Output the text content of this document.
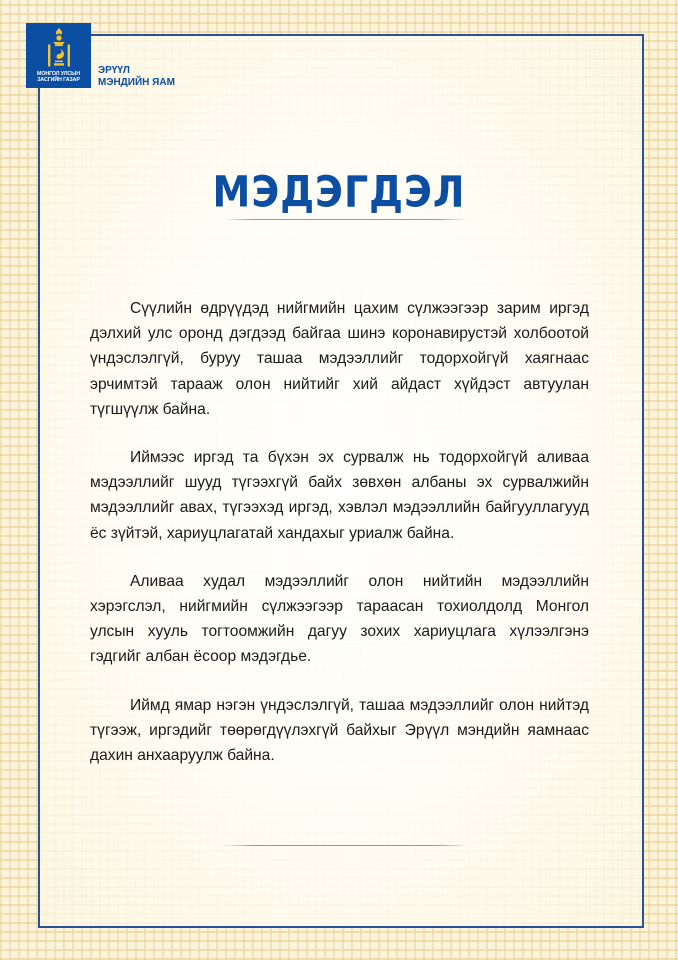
МОНГОЛ УЛСЫН
ЗАСГИЙН ГАЗАР
ЭРҮҮЛ
МЭНДИЙН ЯАМ
МЭДЭГДЭЛ

Сүүлийн өдрүүдэд нийгмийн цахим сүлжээгээр зарим иргэд дэлхий улс оронд дэгдээд байгаа шинэ коронавирустэй холбоотой үндэслэлгүй, буруу ташаа мэдээллийг тодорхойгүй хаягнаас эрчимтэй тарааж олон нийтийг хий айдаст хүйдэст автуулан түгшүүлж байна.

Иймээс иргэд та бүхэн эх сурвалж нь тодорхойгүй аливаа мэдээллийг шууд түгээхгүй байх зөвхөн албаны эх сурвалжийн мэдээллийг авах, түгээхэд иргэд, хэвлэл мэдээллийн байгууллагууд ёс зүйтэй, хариуцлагатай хандахыг уриалж байна.

Аливаа худал мэдээллийг олон нийтийн мэдээллийн хэрэгслэл, нийгмийн сүлжээгээр тараасан тохиолдолд Монгол улсын хууль тогтоомжийн дагуу зохих хариуцлага хүлээлгэнэ гэдгийг албан ёсоор мэдэгдье.

Иймд ямар нэгэн үндэслэлгүй, ташаа мэдээллийг олон нийтэд түгээж, иргэдийг төөрөгдүүлэхгүй байхыг Эрүүл мэндийн яамнаас дахин анхааруулж байна.
